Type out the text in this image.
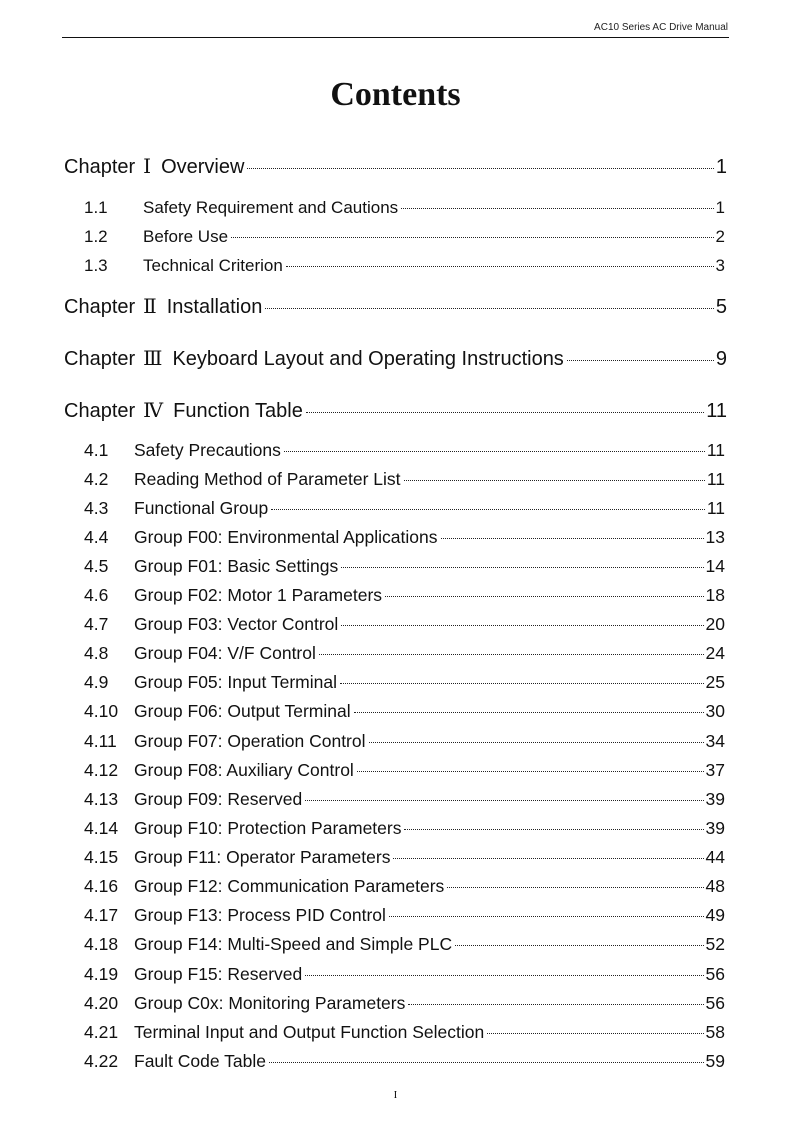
AC10 Series AC Drive Manual
Contents
Chapter Ⅰ Overview	1
1.1	Safety Requirement and Cautions	1
1.2	Before Use	2
1.3	Technical Criterion	3
Chapter Ⅱ Installation	5
Chapter Ⅲ Keyboard Layout and Operating Instructions	9
Chapter Ⅳ Function Table	11
4.1	Safety Precautions	11
4.2	Reading Method of Parameter List	11
4.3	Functional Group	11
4.4	Group F00: Environmental Applications	13
4.5	Group F01: Basic Settings	14
4.6	Group F02: Motor 1 Parameters	18
4.7	Group F03: Vector Control	20
4.8	Group F04: V/F Control	24
4.9	Group F05: Input Terminal	25
4.10 Group F06: Output Terminal	30
4.11 Group F07: Operation Control	34
4.12 Group F08: Auxiliary Control	37
4.13 Group F09: Reserved	39
4.14 Group F10: Protection Parameters	39
4.15 Group F11: Operator Parameters	44
4.16 Group F12: Communication Parameters	48
4.17 Group F13: Process PID Control	49
4.18 Group F14: Multi-Speed and Simple PLC	52
4.19 Group F15: Reserved	56
4.20 Group C0x: Monitoring Parameters	56
4.21 Terminal Input and Output Function Selection	58
4.22 Fault Code Table	59
I
